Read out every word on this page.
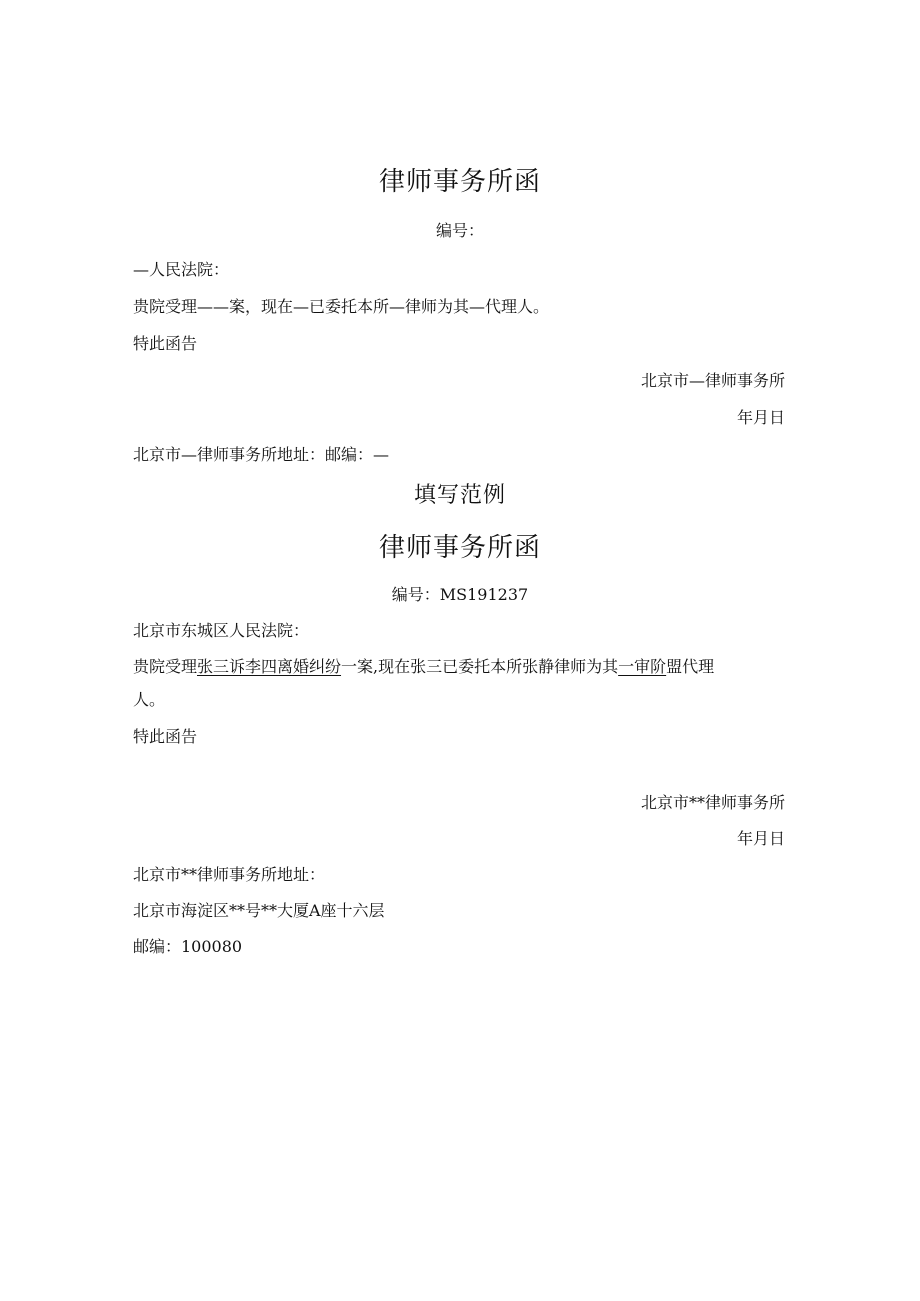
律师事务所函
编号：
—人民法院：
贵院受理——案，现在—已委托本所—律师为其—代理人。
特此函告
北京市—律师事务所
年月日
北京市—律师事务所地址：邮编：—
填写范例
律师事务所函
编号：MS191237
北京市东城区人民法院：
贵院受理张三诉李四离婚纠纷一案,现在张三已委托本所张静律师为其一审阶盟代理
人。
特此函告
北京市**律师事务所
年月日
北京市**律师事务所地址：
北京市海淀区**号**大厦A座十六层
邮编：100080
